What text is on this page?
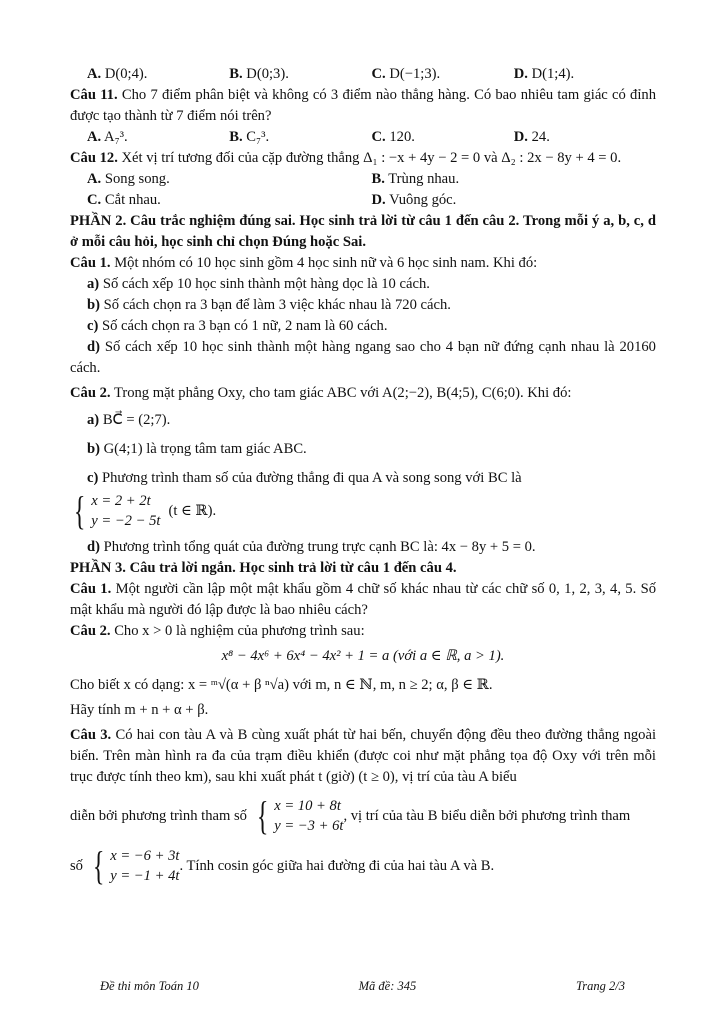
A. D(0;4).	B. D(0;3).	C. D(−1;3).	D. D(1;4).
Câu 11. Cho 7 điểm phân biệt và không có 3 điểm nào thẳng hàng. Có bao nhiêu tam giác có đỉnh được tạo thành từ 7 điểm nói trên?
A. A₇³.	B. C₇³.	C. 120.	D. 24.
Câu 12. Xét vị trí tương đối của cặp đường thẳng Δ₁ : −x + 4y − 2 = 0 và Δ₂ : 2x − 8y + 4 = 0.
A. Song song.	B. Trùng nhau.
C. Cắt nhau.	D. Vuông góc.
PHẦN 2. Câu trắc nghiệm đúng sai. Học sinh trả lời từ câu 1 đến câu 2. Trong mỗi ý a, b, c, d ở mỗi câu hỏi, học sinh chỉ chọn Đúng hoặc Sai.
Câu 1. Một nhóm có 10 học sinh gồm 4 học sinh nữ và 6 học sinh nam. Khi đó:
a) Số cách xếp 10 học sinh thành một hàng dọc là 10 cách.
b) Số cách chọn ra 3 bạn để làm 3 việc khác nhau là 720 cách.
c) Số cách chọn ra 3 bạn có 1 nữ, 2 nam là 60 cách.
d) Số cách xếp 10 học sinh thành một hàng ngang sao cho 4 bạn nữ đứng cạnh nhau là 20160 cách.
Câu 2. Trong mặt phẳng Oxy, cho tam giác ABC với A(2;−2), B(4;5), C(6;0). Khi đó:
a) BC⃗ = (2;7).
b) G(4;1) là trọng tâm tam giác ABC.
c) Phương trình tham số của đường thẳng đi qua A và song song với BC là
{ x = 2 + 2t
y = −2 − 5t
(t ∈ ℝ).
d) Phương trình tổng quát của đường trung trực cạnh BC là: 4x − 8y + 5 = 0.
PHẦN 3. Câu trả lời ngắn. Học sinh trả lời từ câu 1 đến câu 4.
Câu 1. Một người cần lập một mật khẩu gồm 4 chữ số khác nhau từ các chữ số 0, 1, 2, 3, 4, 5. Số mật khẩu mà người đó lập được là bao nhiêu cách?
Câu 2. Cho x > 0 là nghiệm của phương trình sau:
x⁸ − 4x⁶ + 6x⁴ − 4x² + 1 = a (với a ∈ ℝ, a > 1).
Cho biết x có dạng: x = ᵐ√(α + β ⁿ√a) với m, n ∈ ℕ, m, n ≥ 2; α, β ∈ ℝ.
Hãy tính m + n + α + β.
Câu 3. Có hai con tàu A và B cùng xuất phát từ hai bến, chuyển động đều theo đường thẳng ngoài biển. Trên màn hình ra đa của trạm điều khiển (được coi như mặt phẳng tọa độ Oxy với trên mỗi trục được tính theo km), sau khi xuất phát t (giờ) (t ≥ 0), vị trí của tàu A biểu
diễn bởi phương trình tham số { x = 10 + 8t
y = −3 + 6t
, vị trí của tàu B biểu diễn bởi phương trình tham
số { x = −6 + 3t
y = −1 + 4t
. Tính cosin góc giữa hai đường đi của hai tàu A và B.
Đề thi môn Toán 10	Mã đề: 345	Trang 2/3
